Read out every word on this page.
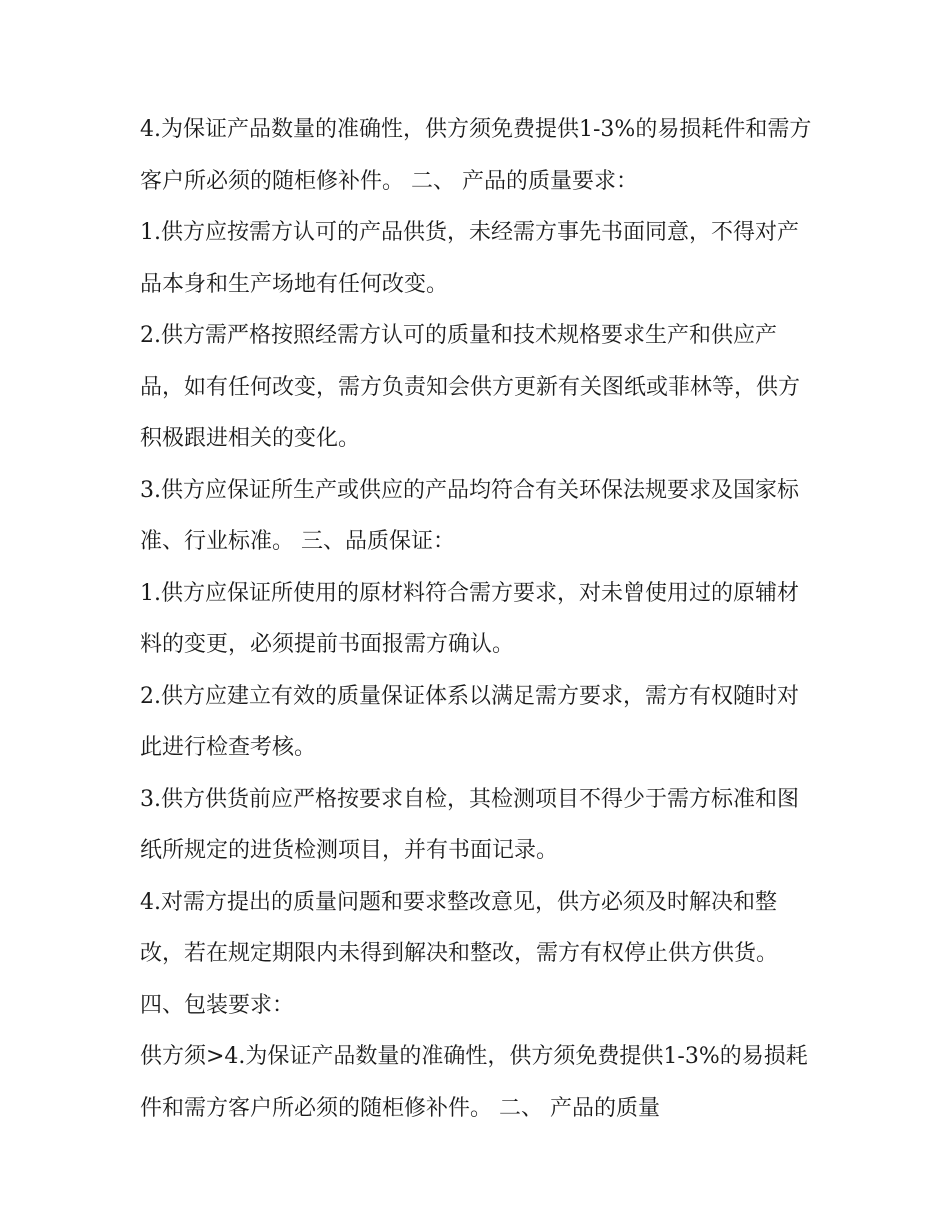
4.为保证产品数量的准确性，供方须免费提供1-3%的易损耗件和需方客户所必须的随柜修补件。 二、 产品的质量要求：

1.供方应按需方认可的产品供货，未经需方事先书面同意，不得对产品本身和生产场地有任何改变。

2.供方需严格按照经需方认可的质量和技术规格要求生产和供应产品，如有任何改变，需方负责知会供方更新有关图纸或菲林等，供方积极跟进相关的变化。

3.供方应保证所生产或供应的产品均符合有关环保法规要求及国家标准、行业标准。 三、品质保证：

1.供方应保证所使用的原材料符合需方要求，对未曾使用过的原辅材料的变更，必须提前书面报需方确认。

2.供方应建立有效的质量保证体系以满足需方要求，需方有权随时对此进行检查考核。

3.供方供货前应严格按要求自检，其检测项目不得少于需方标准和图纸所规定的进货检测项目，并有书面记录。

4.对需方提出的质量问题和要求整改意见，供方必须及时解决和整改，若在规定期限内未得到解决和整改，需方有权停止供方供货。 四、包装要求：

供方须>4.为保证产品数量的准确性，供方须免费提供1-3%的易损耗件和需方客户所必须的随柜修补件。 二、 产品的质量
